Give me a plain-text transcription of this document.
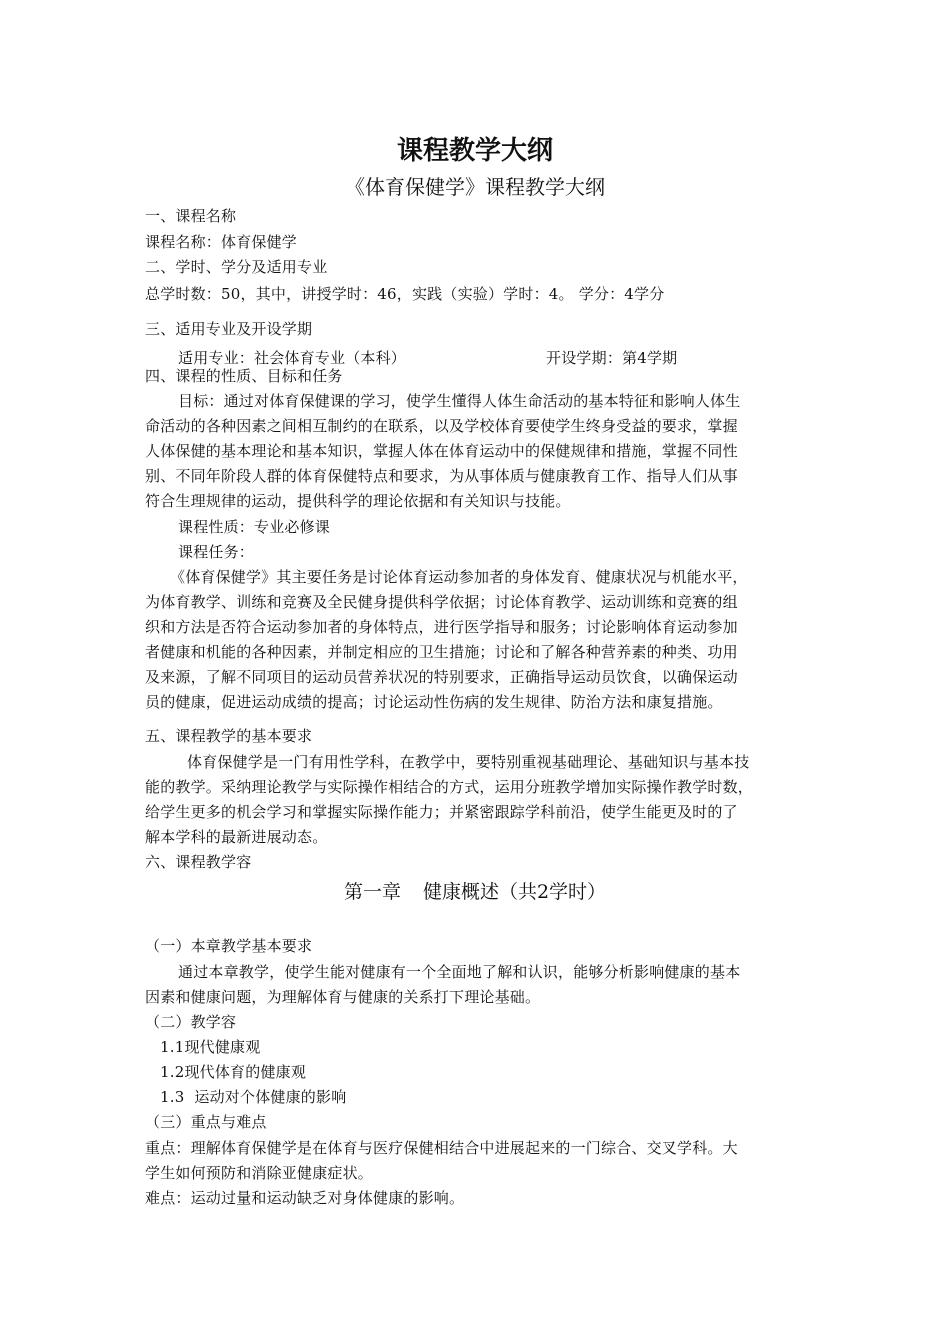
课程教学大纲
《体育保健学》课程教学大纲
一、课程名称
课程名称：体育保健学
二、学时、学分及适用专业
总学时数：50，其中，讲授学时：46，实践（实验）学时：4。 学分：4学分
三、适用专业及开设学期
适用专业：社会体育专业（本科）	开设学期：第4学期
四、课程的性质、目标和任务
目标：通过对体育保健课的学习，使学生懂得人体生命活动的基本特征和影响人体生
命活动的各种因素之间相互制约的在联系，以及学校体育要使学生终身受益的要求，掌握
人体保健的基本理论和基本知识，掌握人体在体育运动中的保健规律和措施，掌握不同性
别、不同年阶段人群的体育保健特点和要求，为从事体质与健康教育工作、指导人们从事
符合生理规律的运动，提供科学的理论依据和有关知识与技能。
课程性质：专业必修课
课程任务：
《体育保健学》其主要任务是讨论体育运动参加者的身体发育、健康状况与机能水平，
为体育教学、训练和竞赛及全民健身提供科学依据；讨论体育教学、运动训练和竞赛的组
织和方法是否符合运动参加者的身体特点，进行医学指导和服务；讨论影响体育运动参加
者健康和机能的各种因素，并制定相应的卫生措施；讨论和了解各种营养素的种类、功用
及来源，了解不同项目的运动员营养状况的特别要求，正确指导运动员饮食，以确保运动
员的健康，促进运动成绩的提高；讨论运动性伤病的发生规律、防治方法和康复措施。
五、课程教学的基本要求
体育保健学是一门有用性学科，在教学中，要特别重视基础理论、基础知识与基本技
能的教学。采纳理论教学与实际操作相结合的方式，运用分班教学增加实际操作教学时数，
给学生更多的机会学习和掌握实际操作能力；并紧密跟踪学科前沿，使学生能更及时的了
解本学科的最新进展动态。
六、课程教学容
第一章 健康概述（共2学时）
（一）本章教学基本要求
通过本章教学，使学生能对健康有一个全面地了解和认识，能够分析影响健康的基本
因素和健康问题，为理解体育与健康的关系打下理论基础。
（二）教学容
1.1现代健康观
1.2现代体育的健康观
1.3  运动对个体健康的影响
（三）重点与难点
重点：理解体育保健学是在体育与医疗保健相结合中进展起来的一门综合、交叉学科。大
学生如何预防和消除亚健康症状。
难点：运动过量和运动缺乏对身体健康的影响。
